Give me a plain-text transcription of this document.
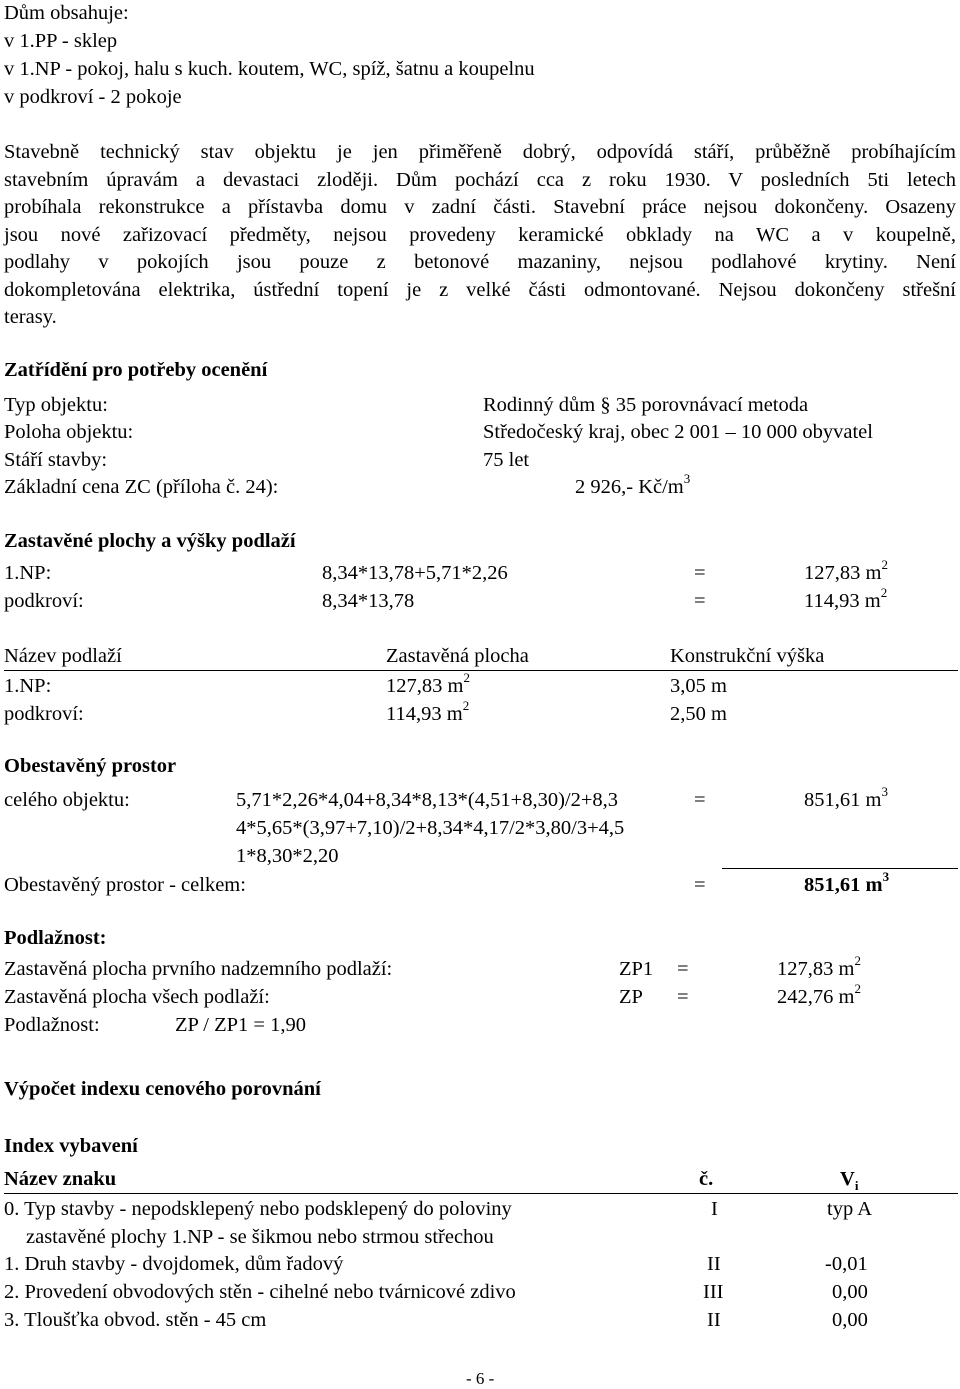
Dům obsahuje:
v 1.PP - sklep
v 1.NP - pokoj, halu s kuch. koutem, WC, spíž, šatnu a koupelnu
v podkroví - 2 pokoje
Stavebně technický stav objektu je jen přiměřeně dobrý, odpovídá stáří, průběžně probíhajícím
stavebním úpravám a devastaci zloději. Dům pochází cca z roku 1930. V posledních 5ti letech
probíhala rekonstrukce a přístavba domu v zadní části. Stavební práce nejsou dokončeny. Osazeny
jsou nové zařizovací předměty, nejsou provedeny keramické obklady na WC a v koupelně,
podlahy v pokojích jsou pouze z betonové mazaniny, nejsou podlahové krytiny. Není
dokompletována elektrika, ústřední topení je z velké části odmontované. Nejsou dokončeny střešní
terasy.
Zatřídění pro potřeby ocenění
Typ objektu:	Rodinný dům § 35 porovnávací metoda
Poloha objektu:	Středočeský kraj, obec 2 001 – 10 000 obyvatel
Stáří stavby:	75 let
Základní cena ZC (příloha č. 24):	2 926,- $Kč/m^3$
Zastavěné plochy a výšky podlaží
1.NP:	8,34*13,78+5,71*2,26	=	127,83 $m^2$
podkroví:	8,34*13,78	=	114,93 $m^2$
Název podlaží	Zastavěná plocha	Konstrukční výška
1.NP:	127,83 $m^2$	3,05 m
podkroví:	114,93 $m^2$	2,50 m
Obestavěný prostor
celého objektu:	5,71*2,26*4,04+8,34*8,13*(4,51+8,30)/2+8,3
4*5,65*(3,97+7,10)/2+8,34*4,17/2*3,80/3+4,5
1*8,30*2,20
=	851,61 $m^3$
Obestavěný prostor - celkem:	=	851,61 $m^3$
Podlažnost:
Zastavěná plocha prvního nadzemního podlaží:	ZP1 =	127,83 $m^2$
Zastavěná plocha všech podlaží:	ZP =	242,76 $m^2$
Podlažnost:	ZP / ZP1 = 1,90
Výpočet indexu cenového porovnání
Index vybavení
Název znaku	č.	$V_i$
0. Typ stavby - nepodsklepený nebo podsklepený do poloviny
zastavěné plochy 1.NP - se šikmou nebo strmou střechou
I	typ A
1. Druh stavby - dvojdomek, dům řadový	II	-0,01
2. Provedení obvodových stěn - cihelné nebo tvárnicové zdivo	III	0,00
3. Tloušťka obvod. stěn - 45 cm	II	0,00
- 6 -
